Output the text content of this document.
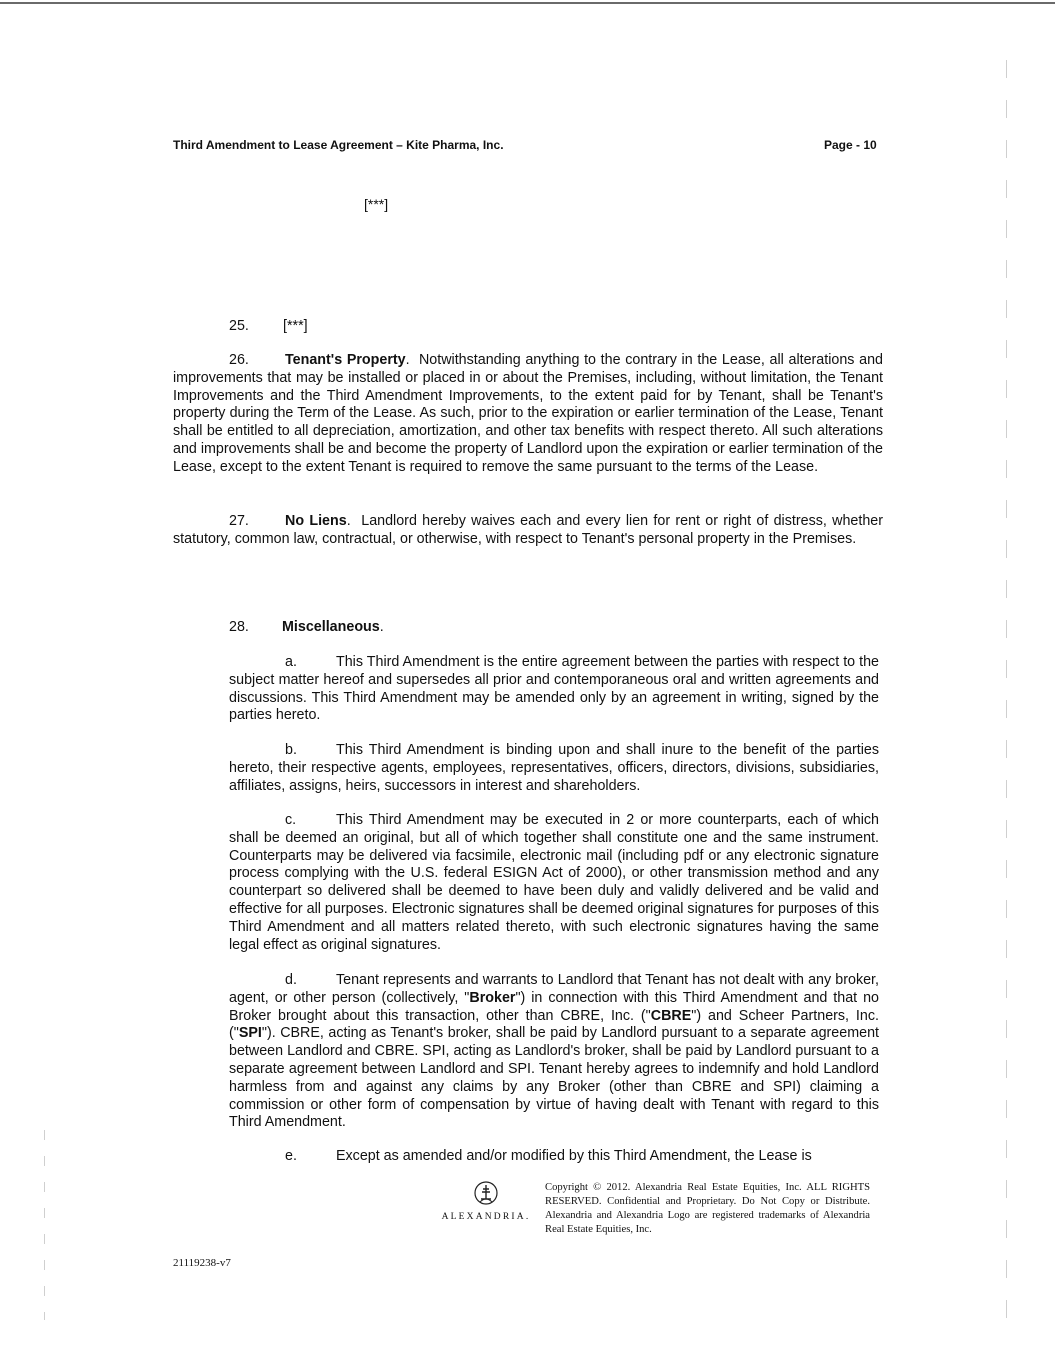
Third Amendment to Lease Agreement – Kite Pharma, Inc.	Page - 10
[***]
25. [***]
26.	Tenant's Property.  Notwithstanding anything to the contrary in the Lease, all alterations and improvements that may be installed or placed in or about the Premises, including, without limitation, the Tenant Improvements and the Third Amendment Improvements, to the extent paid for by Tenant, shall be Tenant's property during the Term of the Lease. As such, prior to the expiration or earlier termination of the Lease, Tenant shall be entitled to all depreciation, amortization, and other tax benefits with respect thereto. All such alterations and improvements shall be and become the property of Landlord upon the expiration or earlier termination of the Lease, except to the extent Tenant is required to remove the same pursuant to the terms of the Lease.
27.	No Liens.  Landlord hereby waives each and every lien for rent or right of distress, whether statutory, common law, contractual, or otherwise, with respect to Tenant's personal property in the Premises.
28. Miscellaneous.
a.	This Third Amendment is the entire agreement between the parties with respect to the subject matter hereof and supersedes all prior and contemporaneous oral and written agreements and discussions. This Third Amendment may be amended only by an agreement in writing, signed by the parties hereto.
b.	This Third Amendment is binding upon and shall inure to the benefit of the parties hereto, their respective agents, employees, representatives, officers, directors, divisions, subsidiaries, affiliates, assigns, heirs, successors in interest and shareholders.
c.	This Third Amendment may be executed in 2 or more counterparts, each of which shall be deemed an original, but all of which together shall constitute one and the same instrument. Counterparts may be delivered via facsimile, electronic mail (including pdf or any electronic signature process complying with the U.S. federal ESIGN Act of 2000), or other transmission method and any counterpart so delivered shall be deemed to have been duly and validly delivered and be valid and effective for all purposes. Electronic signatures shall be deemed original signatures for purposes of this Third Amendment and all matters related thereto, with such electronic signatures having the same legal effect as original signatures.
d.	Tenant represents and warrants to Landlord that Tenant has not dealt with any broker, agent, or other person (collectively, "Broker") in connection with this Third Amendment and that no Broker brought about this transaction, other than CBRE, Inc. ("CBRE") and Scheer Partners, Inc. ("SPI"). CBRE, acting as Tenant's broker, shall be paid by Landlord pursuant to a separate agreement between Landlord and CBRE. SPI, acting as Landlord's broker, shall be paid by Landlord pursuant to a separate agreement between Landlord and SPI. Tenant hereby agrees to indemnify and hold Landlord harmless from and against any claims by any Broker (other than CBRE and SPI) claiming a commission or other form of compensation by virtue of having dealt with Tenant with regard to this Third Amendment.
e.	Except as amended and/or modified by this Third Amendment, the Lease is
ALEXANDRIA.
Copyright © 2012. Alexandria Real Estate Equities, Inc. ALL RIGHTS RESERVED. Confidential and Proprietary. Do Not Copy or Distribute. Alexandria and Alexandria Logo are registered trademarks of Alexandria Real Estate Equities, Inc.
21119238-v7
